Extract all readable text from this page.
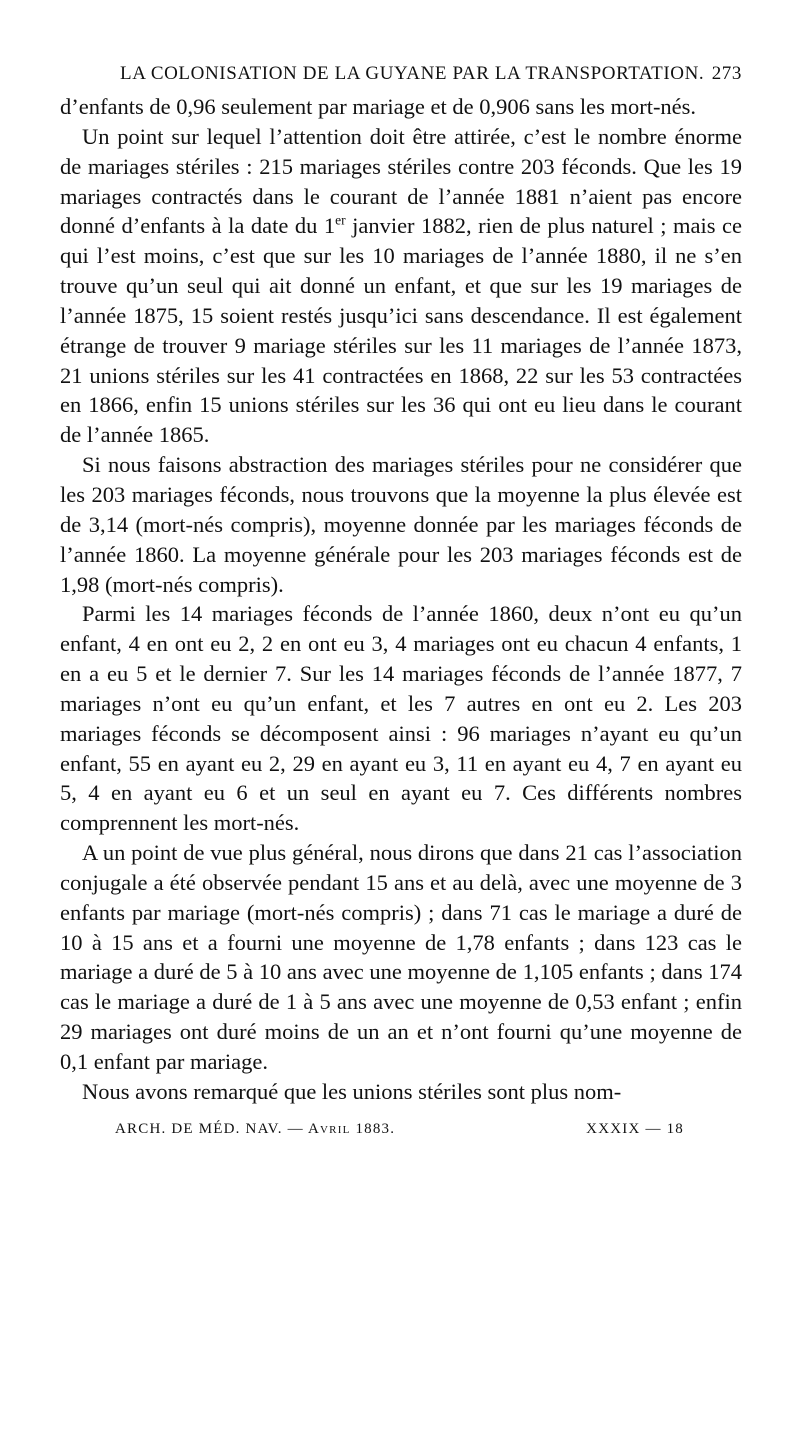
LA COLONISATION DE LA GUYANE PAR LA TRANSPORTATION. 273

d’enfants de 0,96 seulement par mariage et de 0,906 sans les mort-nés.

Un point sur lequel l’attention doit être attirée, c’est le nombre énorme de mariages stériles : 215 mariages stériles contre 203 féconds. Que les 19 mariages contractés dans le courant de l’année 1881 n’aient pas encore donné d’enfants à la date du 1er janvier 1882, rien de plus naturel ; mais ce qui l’est moins, c’est que sur les 10 mariages de l’année 1880, il ne s’en trouve qu’un seul qui ait donné un enfant, et que sur les 19 mariages de l’année 1875, 15 soient restés jusqu’ici sans descendance. Il est également étrange de trouver 9 mariage stériles sur les 11 mariages de l’année 1873, 21 unions stériles sur les 41 contractées en 1868, 22 sur les 53 contractées en 1866, enfin 15 unions stériles sur les 36 qui ont eu lieu dans le courant de l’année 1865.

Si nous faisons abstraction des mariages stériles pour ne considérer que les 203 mariages féconds, nous trouvons que la moyenne la plus élevée est de 3,14 (mort-nés compris), moyenne donnée par les mariages féconds de l’année 1860. La moyenne générale pour les 203 mariages féconds est de 1,98 (mort-nés compris).

Parmi les 14 mariages féconds de l’année 1860, deux n’ont eu qu’un enfant, 4 en ont eu 2, 2 en ont eu 3, 4 mariages ont eu chacun 4 enfants, 1 en a eu 5 et le dernier 7. Sur les 14 mariages féconds de l’année 1877, 7 mariages n’ont eu qu’un enfant, et les 7 autres en ont eu 2. Les 203 mariages féconds se décomposent ainsi : 96 mariages n’ayant eu qu’un enfant, 55 en ayant eu 2, 29 en ayant eu 3, 11 en ayant eu 4, 7 en ayant eu 5, 4 en ayant eu 6 et un seul en ayant eu 7. Ces différents nombres comprennent les mort-nés.

A un point de vue plus général, nous dirons que dans 21 cas l’association conjugale a été observée pendant 15 ans et au delà, avec une moyenne de 3 enfants par mariage (mort-nés compris) ; dans 71 cas le mariage a duré de 10 à 15 ans et a fourni une moyenne de 1,78 enfants ; dans 123 cas le mariage a duré de 5 à 10 ans avec une moyenne de 1,105 enfants ; dans 174 cas le mariage a duré de 1 à 5 ans avec une moyenne de 0,53 enfant ; enfin 29 mariages ont duré moins de un an et n’ont fourni qu’une moyenne de 0,1 enfant par mariage.

Nous avons remarqué que les unions stériles sont plus nom-

ARCH. DE MÉD. NAV. — Avril 1883.	XXXIX — 18
